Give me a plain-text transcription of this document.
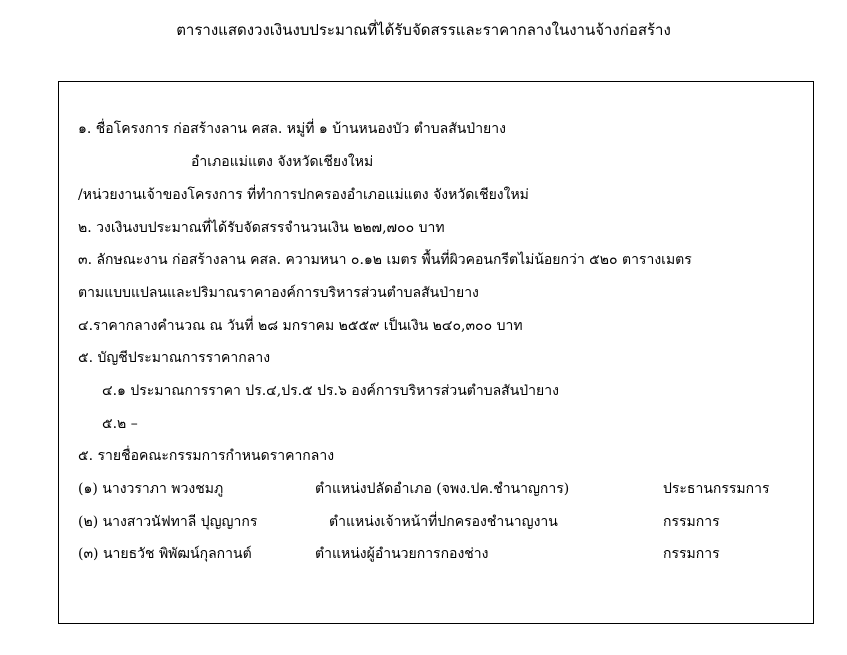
ตารางแสดงวงเงินงบประมาณที่ได้รับจัดสรรและราคากลางในงานจ้างก่อสร้าง
๑. ชื่อโครงการ ก่อสร้างลาน คสล. หมู่ที่ ๑ บ้านหนองบัว ตำบลสันป่ายาง
อำเภอแม่แตง จังหวัดเชียงใหม่
/หน่วยงานเจ้าของโครงการ ที่ทำการปกครองอำเภอแม่แตง จังหวัดเชียงใหม่
๒. วงเงินงบประมาณที่ได้รับจัดสรรจำนวนเงิน ๒๒๗,๗๐๐ บาท
๓. ลักษณะงาน ก่อสร้างลาน คสล. ความหนา ๐.๑๒ เมตร พื้นที่ผิวคอนกรีตไม่น้อยกว่า ๕๒๐ ตารางเมตร
ตามแบบแปลนและปริมาณราคาองค์การบริหารส่วนตำบลสันป่ายาง
๔.ราคากลางคำนวณ ณ วันที่ ๒๘ มกราคม ๒๕๕๙ เป็นเงิน ๒๔๐,๓๐๐ บาท
๕. บัญชีประมาณการราคากลาง
๔.๑ ประมาณการราคา ปร.๔,ปร.๕ ปร.๖ องค์การบริหารส่วนตำบลสันป่ายาง
๕.๒ –
๕. รายชื่อคณะกรรมการกำหนดราคากลาง
(๑) นางวราภา พวงชมภู	ตำแหน่งปลัดอำเภอ (จพง.ปค.ชำนาญการ)	ประธานกรรมการ
(๒) นางสาวนัฟทาลี ปุญญากร	ตำแหน่งเจ้าหน้าที่ปกครองชำนาญงาน	กรรมการ
(๓) นายธวัช พิพัฒน์กุลกานต์	ตำแหน่งผู้อำนวยการกองช่าง	กรรมการ
